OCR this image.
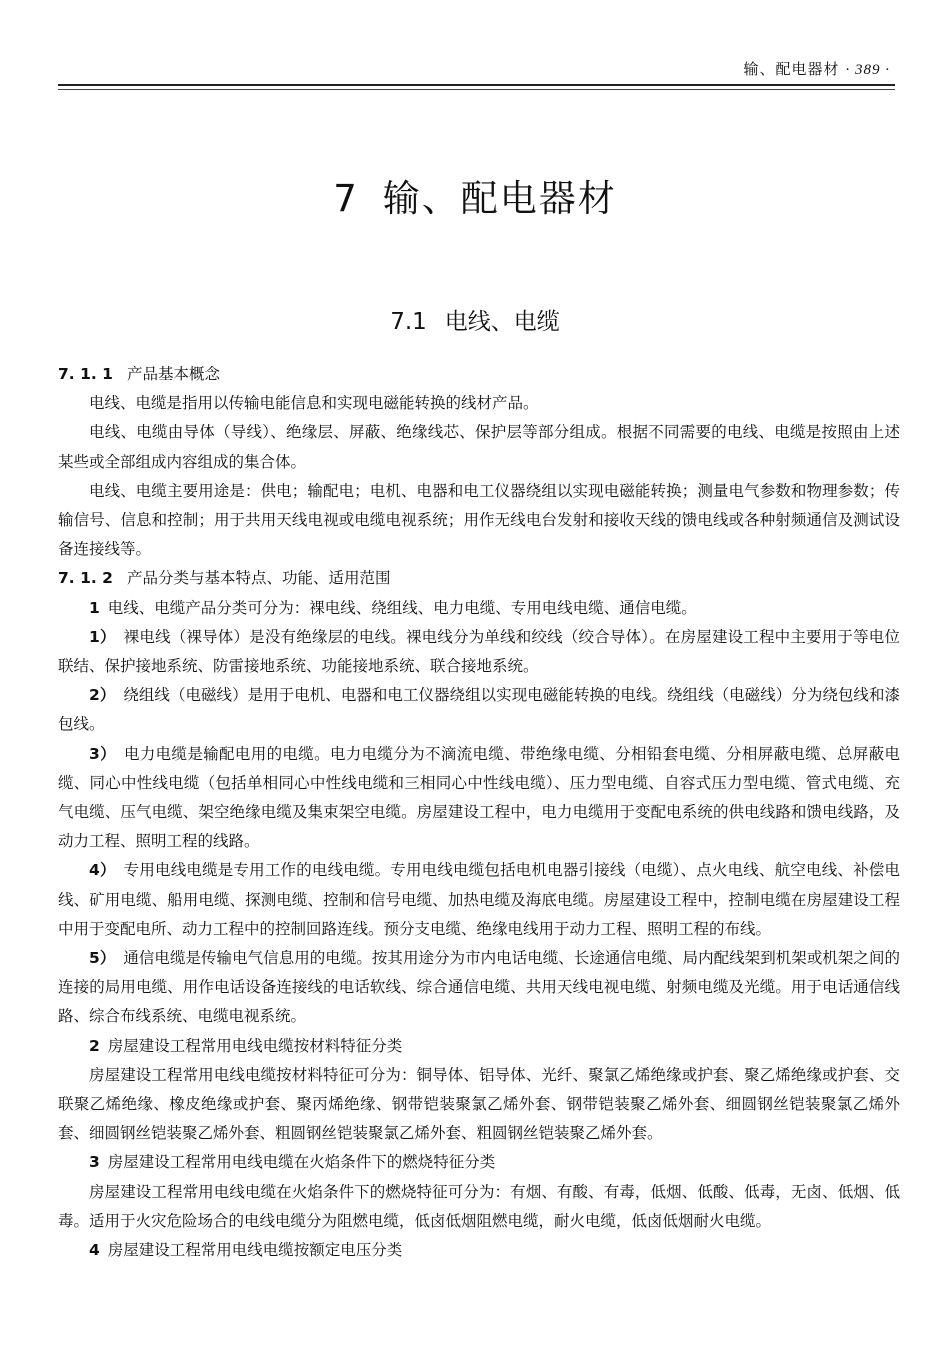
输、配电器材 · 389 ·
7 输、配电器材
7.1 电线、电缆

7. 1. 1 产品基本概念

电线、电缆是指用以传输电能信息和实现电磁能转换的线材产品。

电线、电缆由导体（导线）、绝缘层、屏蔽、绝缘线芯、保护层等部分组成。根据不同需要的电线、电缆是按照由上述某些或全部组成内容组成的集合体。

电线、电缆主要用途是：供电；输配电；电机、电器和电工仪器绕组以实现电磁能转换；测量电气参数和物理参数；传输信号、信息和控制；用于共用天线电视或电缆电视系统；用作无线电台发射和接收天线的馈电线或各种射频通信及测试设备连接线等。

7. 1. 2 产品分类与基本特点、功能、适用范围

1 电线、电缆产品分类可分为：裸电线、绕组线、电力电缆、专用电线电缆、通信电缆。

1） 裸电线（裸导体）是没有绝缘层的电线。裸电线分为单线和绞线（绞合导体）。在房屋建设工程中主要用于等电位联结、保护接地系统、防雷接地系统、功能接地系统、联合接地系统。

2） 绕组线（电磁线）是用于电机、电器和电工仪器绕组以实现电磁能转换的电线。绕组线（电磁线）分为绕包线和漆包线。

3） 电力电缆是输配电用的电缆。电力电缆分为不滴流电缆、带绝缘电缆、分相铅套电缆、分相屏蔽电缆、总屏蔽电缆、同心中性线电缆（包括单相同心中性线电缆和三相同心中性线电缆）、压力型电缆、自容式压力型电缆、管式电缆、充气电缆、压气电缆、架空绝缘电缆及集束架空电缆。房屋建设工程中，电力电缆用于变配电系统的供电线路和馈电线路，及动力工程、照明工程的线路。

4） 专用电线电缆是专用工作的电线电缆。专用电线电缆包括电机电器引接线（电缆）、点火电线、航空电线、补偿电线、矿用电缆、船用电缆、探测电缆、控制和信号电缆、加热电缆及海底电缆。房屋建设工程中，控制电缆在房屋建设工程中用于变配电所、动力工程中的控制回路连线。预分支电缆、绝缘电线用于动力工程、照明工程的布线。

5） 通信电缆是传输电气信息用的电缆。按其用途分为市内电话电缆、长途通信电缆、局内配线架到机架或机架之间的连接的局用电缆、用作电话设备连接线的电话软线、综合通信电缆、共用天线电视电缆、射频电缆及光缆。用于电话通信线路、综合布线系统、电缆电视系统。

2 房屋建设工程常用电线电缆按材料特征分类

房屋建设工程常用电线电缆按材料特征可分为：铜导体、铝导体、光纤、聚氯乙烯绝缘或护套、聚乙烯绝缘或护套、交联聚乙烯绝缘、橡皮绝缘或护套、聚丙烯绝缘、钢带铠装聚氯乙烯外套、钢带铠装聚乙烯外套、细圆钢丝铠装聚氯乙烯外套、细圆钢丝铠装聚乙烯外套、粗圆钢丝铠装聚氯乙烯外套、粗圆钢丝铠装聚乙烯外套。

3 房屋建设工程常用电线电缆在火焰条件下的燃烧特征分类

房屋建设工程常用电线电缆在火焰条件下的燃烧特征可分为：有烟、有酸、有毒，低烟、低酸、低毒，无卤、低烟、低毒。适用于火灾危险场合的电线电缆分为阻燃电缆，低卤低烟阻燃电缆，耐火电缆，低卤低烟耐火电缆。

4 房屋建设工程常用电线电缆按额定电压分类
